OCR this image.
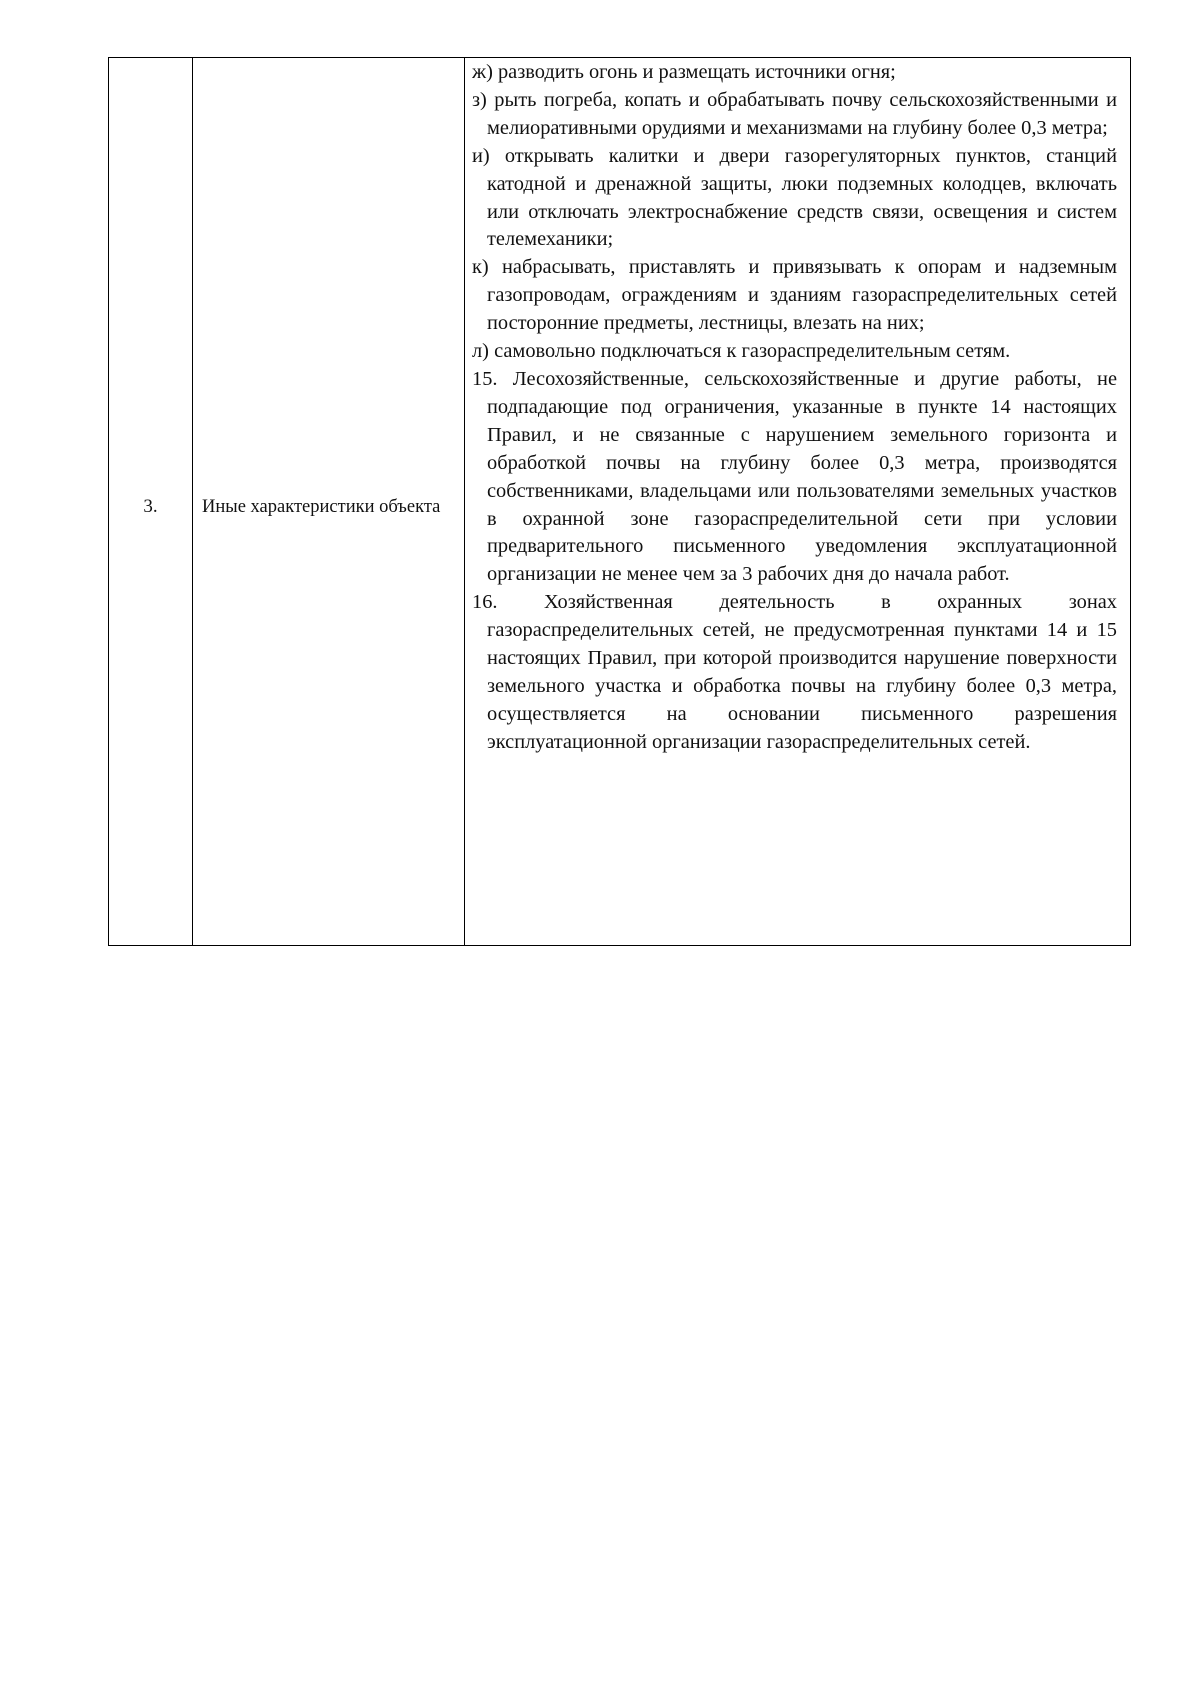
3. Иные характеристики объекта

ж) разводить огонь и размещать источники огня;

з) рыть погреба, копать и обрабатывать почву сельскохозяйственными и мелиоративными орудиями и механизмами на глубину более 0,3 метра;

и) открывать калитки и двери газорегуляторных пунктов, станций катодной и дренажной защиты, люки подземных колодцев, включать или отключать электроснабжение средств связи, освещения и систем телемеханики;

к) набрасывать, приставлять и привязывать к опорам и надземным газопроводам, ограждениям и зданиям газораспределительных сетей посторонние предметы, лестницы, влезать на них;

л) самовольно подключаться к газораспределительным сетям.

15. Лесохозяйственные, сельскохозяйственные и другие работы, не подпадающие под ограничения, указанные в пункте 14 настоящих Правил, и не связанные с нарушением земельного горизонта и обработкой почвы на глубину более 0,3 метра, производятся собственниками, владельцами или пользователями земельных участков в охранной зоне газораспределительной сети при условии предварительного письменного уведомления эксплуатационной организации не менее чем за 3 рабочих дня до начала работ.

16. Хозяйственная деятельность в охранных зонах газораспределительных сетей, не предусмотренная пунктами 14 и 15 настоящих Правил, при которой производится нарушение поверхности земельного участка и обработка почвы на глубину более 0,3 метра, осуществляется на основании письменного разрешения эксплуатационной организации газораспределительных сетей.
